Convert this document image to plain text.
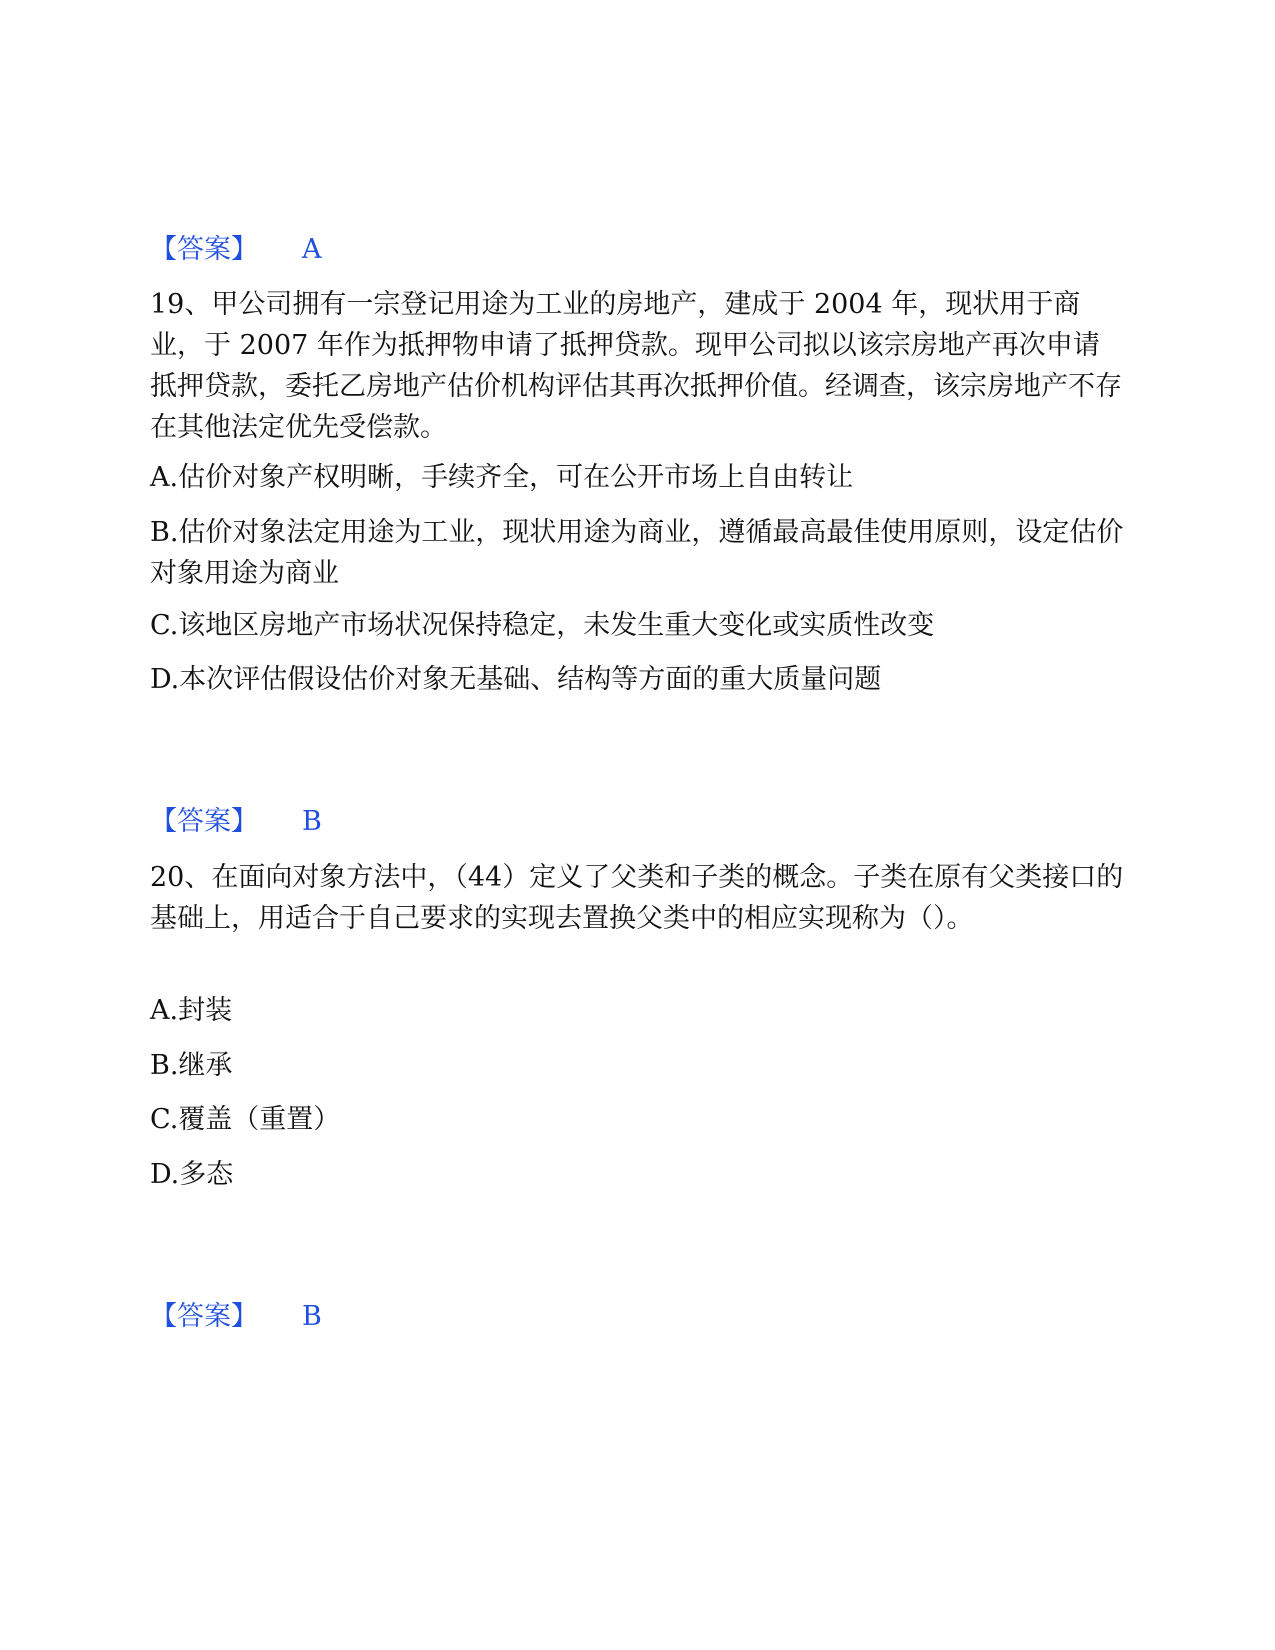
【答案】 A
19、甲公司拥有一宗登记用途为工业的房地产，建成于 2004 年，现状用于商业，于 2007 年作为抵押物申请了抵押贷款。现甲公司拟以该宗房地产再次申请抵押贷款，委托乙房地产估价机构评估其再次抵押价值。经调查，该宗房地产不存在其他法定优先受偿款。
A.估价对象产权明晰，手续齐全，可在公开市场上自由转让
B.估价对象法定用途为工业，现状用途为商业，遵循最高最佳使用原则，设定估价对象用途为商业
C.该地区房地产市场状况保持稳定，未发生重大变化或实质性改变
D.本次评估假设估价对象无基础、结构等方面的重大质量问题
【答案】 B
20、在面向对象方法中，（44）定义了父类和子类的概念。子类在原有父类接口的基础上，用适合于自己要求的实现去置换父类中的相应实现称为（）。
A.封装
B.继承
C.覆盖（重置）
D.多态
【答案】 B
